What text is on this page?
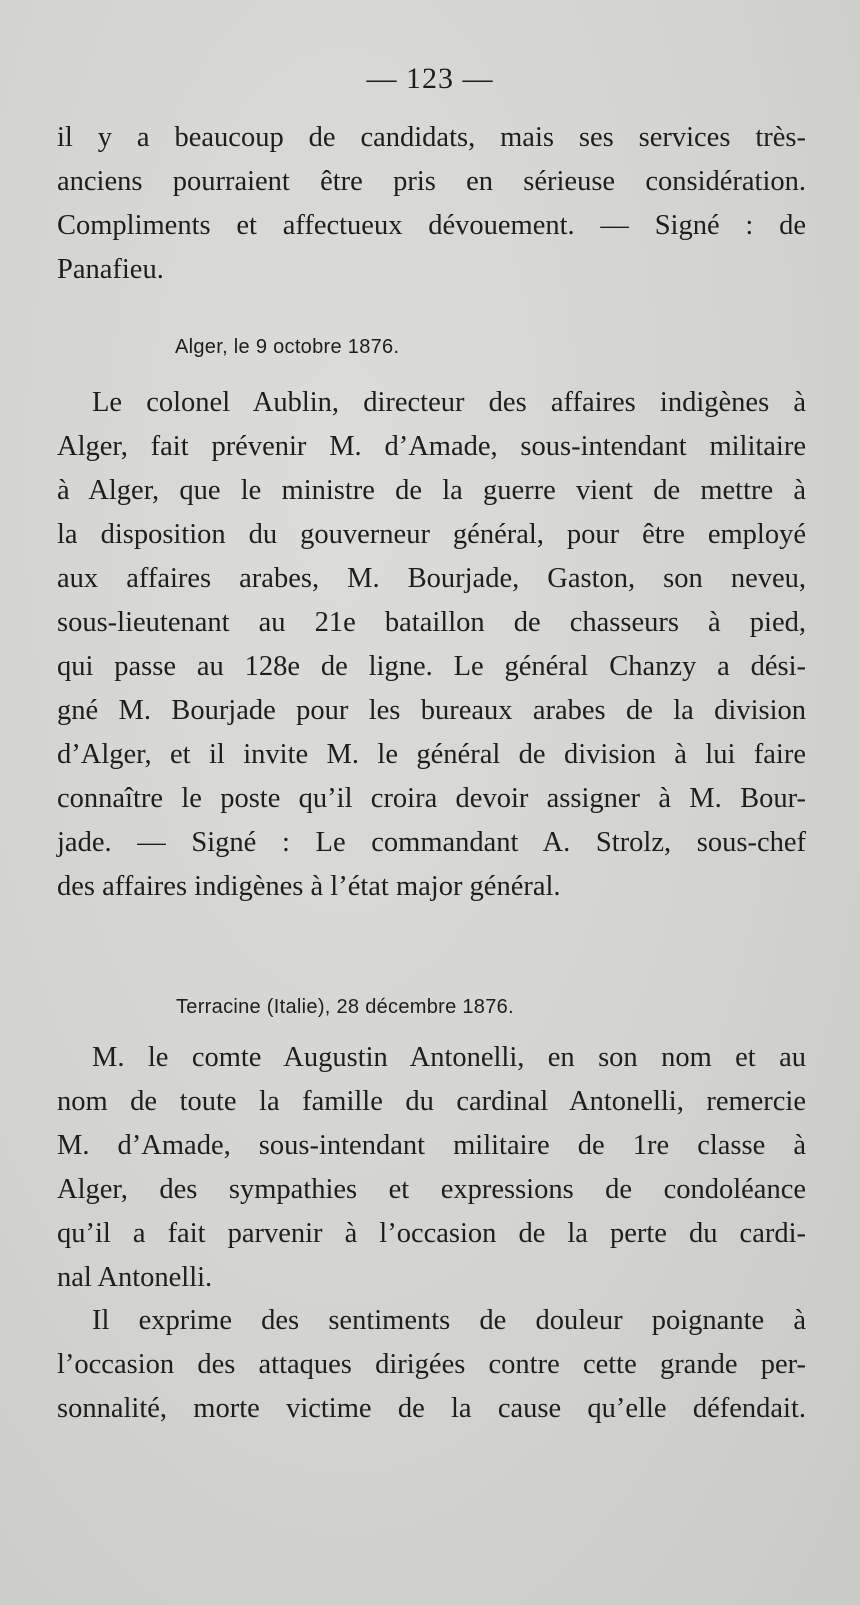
— 123 —
il y a beaucoup de candidats, mais ses services très-
anciens pourraient être pris en sérieuse considération.
Compliments et affectueux dévouement. — Signé : de
Panafieu.
Alger, le 9 octobre 1876.
Le colonel Aublin, directeur des affaires indigènes à
Alger, fait prévenir M. d’Amade, sous-intendant militaire
à Alger, que le ministre de la guerre vient de mettre à
la disposition du gouverneur général, pour être employé
aux affaires arabes, M. Bourjade, Gaston, son neveu,
sous-lieutenant au 21e bataillon de chasseurs à pied,
qui passe au 128e de ligne. Le général Chanzy a dési-
gné M. Bourjade pour les bureaux arabes de la division
d’Alger, et il invite M. le général de division à lui faire
connaître le poste qu’il croira devoir assigner à M. Bour-
jade. — Signé : Le commandant A. Strolz, sous-chef
des affaires indigènes à l’état major général.
Terracine (Italie), 28 décembre 1876.
M. le comte Augustin Antonelli, en son nom et au
nom de toute la famille du cardinal Antonelli, remercie
M. d’Amade, sous-intendant militaire de 1re classe à
Alger, des sympathies et expressions de condoléance
qu’il a fait parvenir à l’occasion de la perte du cardi-
nal Antonelli.
Il exprime des sentiments de douleur poignante à
l’occasion des attaques dirigées contre cette grande per-
sonnalité, morte victime de la cause qu’elle défendait.
